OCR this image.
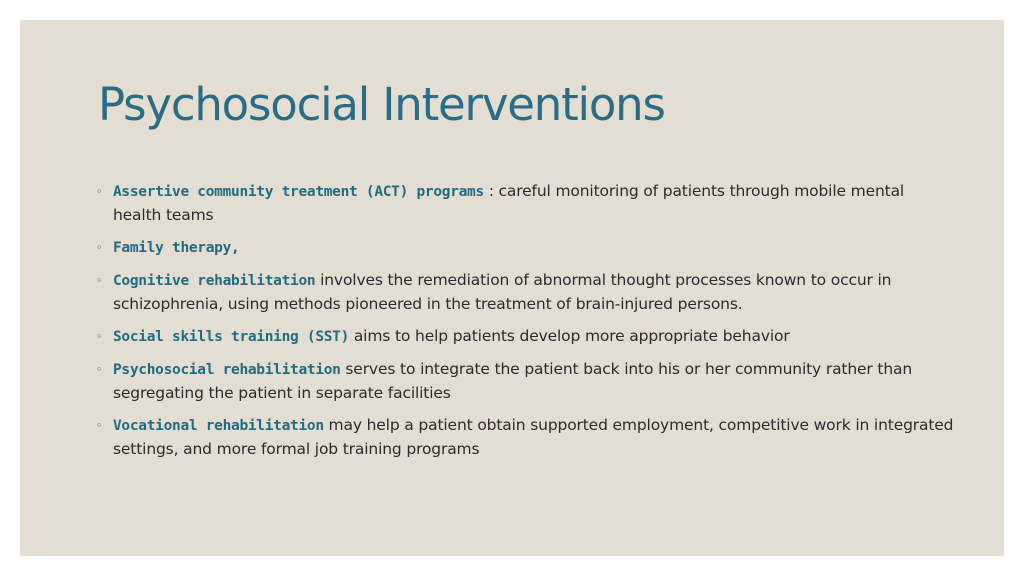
Psychosocial Interventions
◦ Assertive community treatment (ACT) programs : careful monitoring of patients through mobile mental health teams
◦ Family therapy,
◦ Cognitive rehabilitation involves the remediation of abnormal thought processes known to occur in schizophrenia, using methods pioneered in the treatment of brain-injured persons.
◦ Social skills training (SST) aims to help patients develop more appropriate behavior
◦ Psychosocial rehabilitation serves to integrate the patient back into his or her community rather than segregating the patient in separate facilities
◦ Vocational rehabilitation may help a patient obtain supported employment, competitive work in integrated settings, and more formal job training programs
